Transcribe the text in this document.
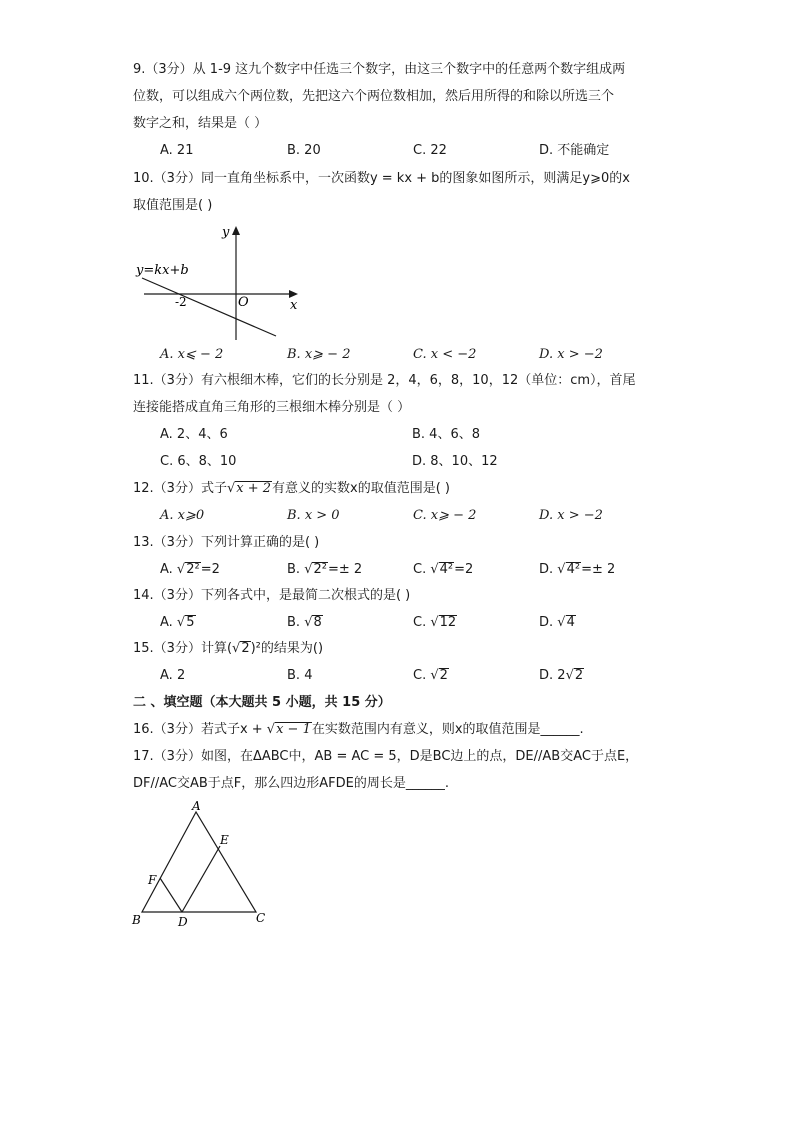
9.（3分）从 1-9 这九个数字中任选三个数字，由这三个数字中的任意两个数字组成两
位数，可以组成六个两位数，先把这六个两位数相加，然后用所得的和除以所选三个
数字之和，结果是（ ）
A. 21	B. 20	C. 22	D. 不能确定
10.（3分）同一直角坐标系中，一次函数y = kx + b的图象如图所示，则满足y⩾0的x
取值范围是( )
y
x
O
-2
y=kx+b
A. x⩽ − 2	B. x⩾ − 2	C. x < −2	D. x > −2
11.（3分）有六根细木棒，它们的长分别是 2，4，6，8，10，12（单位：cm），首尾
连接能搭成直角三角形的三根细木棒分别是（ ）
A. 2、4、6	B. 4、6、8
C. 6、8、10	D. 8、10、12
12.（3分）式子√x + 2有意义的实数x的取值范围是( )
A. x⩾0	B. x > 0	C. x⩾ − 2	D. x > −2
13.（3分）下列计算正确的是( )
A. √2²=2	B. √2²=± 2	C. √4²=2	D. √4²=± 2
14.（3分）下列各式中，是最简二次根式的是( )
A. √5	B. √8	C. √12	D. √4
15.（3分）计算(√2)²的结果为()
A. 2	B. 4	C. √2	D. 2√2
二 、填空题（本大题共 5 小题，共 15 分）
16.（3分）若式子x + √x − 1在实数范围内有意义，则x的取值范围是______.
17.（3分）如图，在ΔABC中，AB = AC = 5，D是BC边上的点，DE//AB交AC于点E，
DF//AC交AB于点F，那么四边形AFDE的周长是______.
A
B	C
D
E
F
